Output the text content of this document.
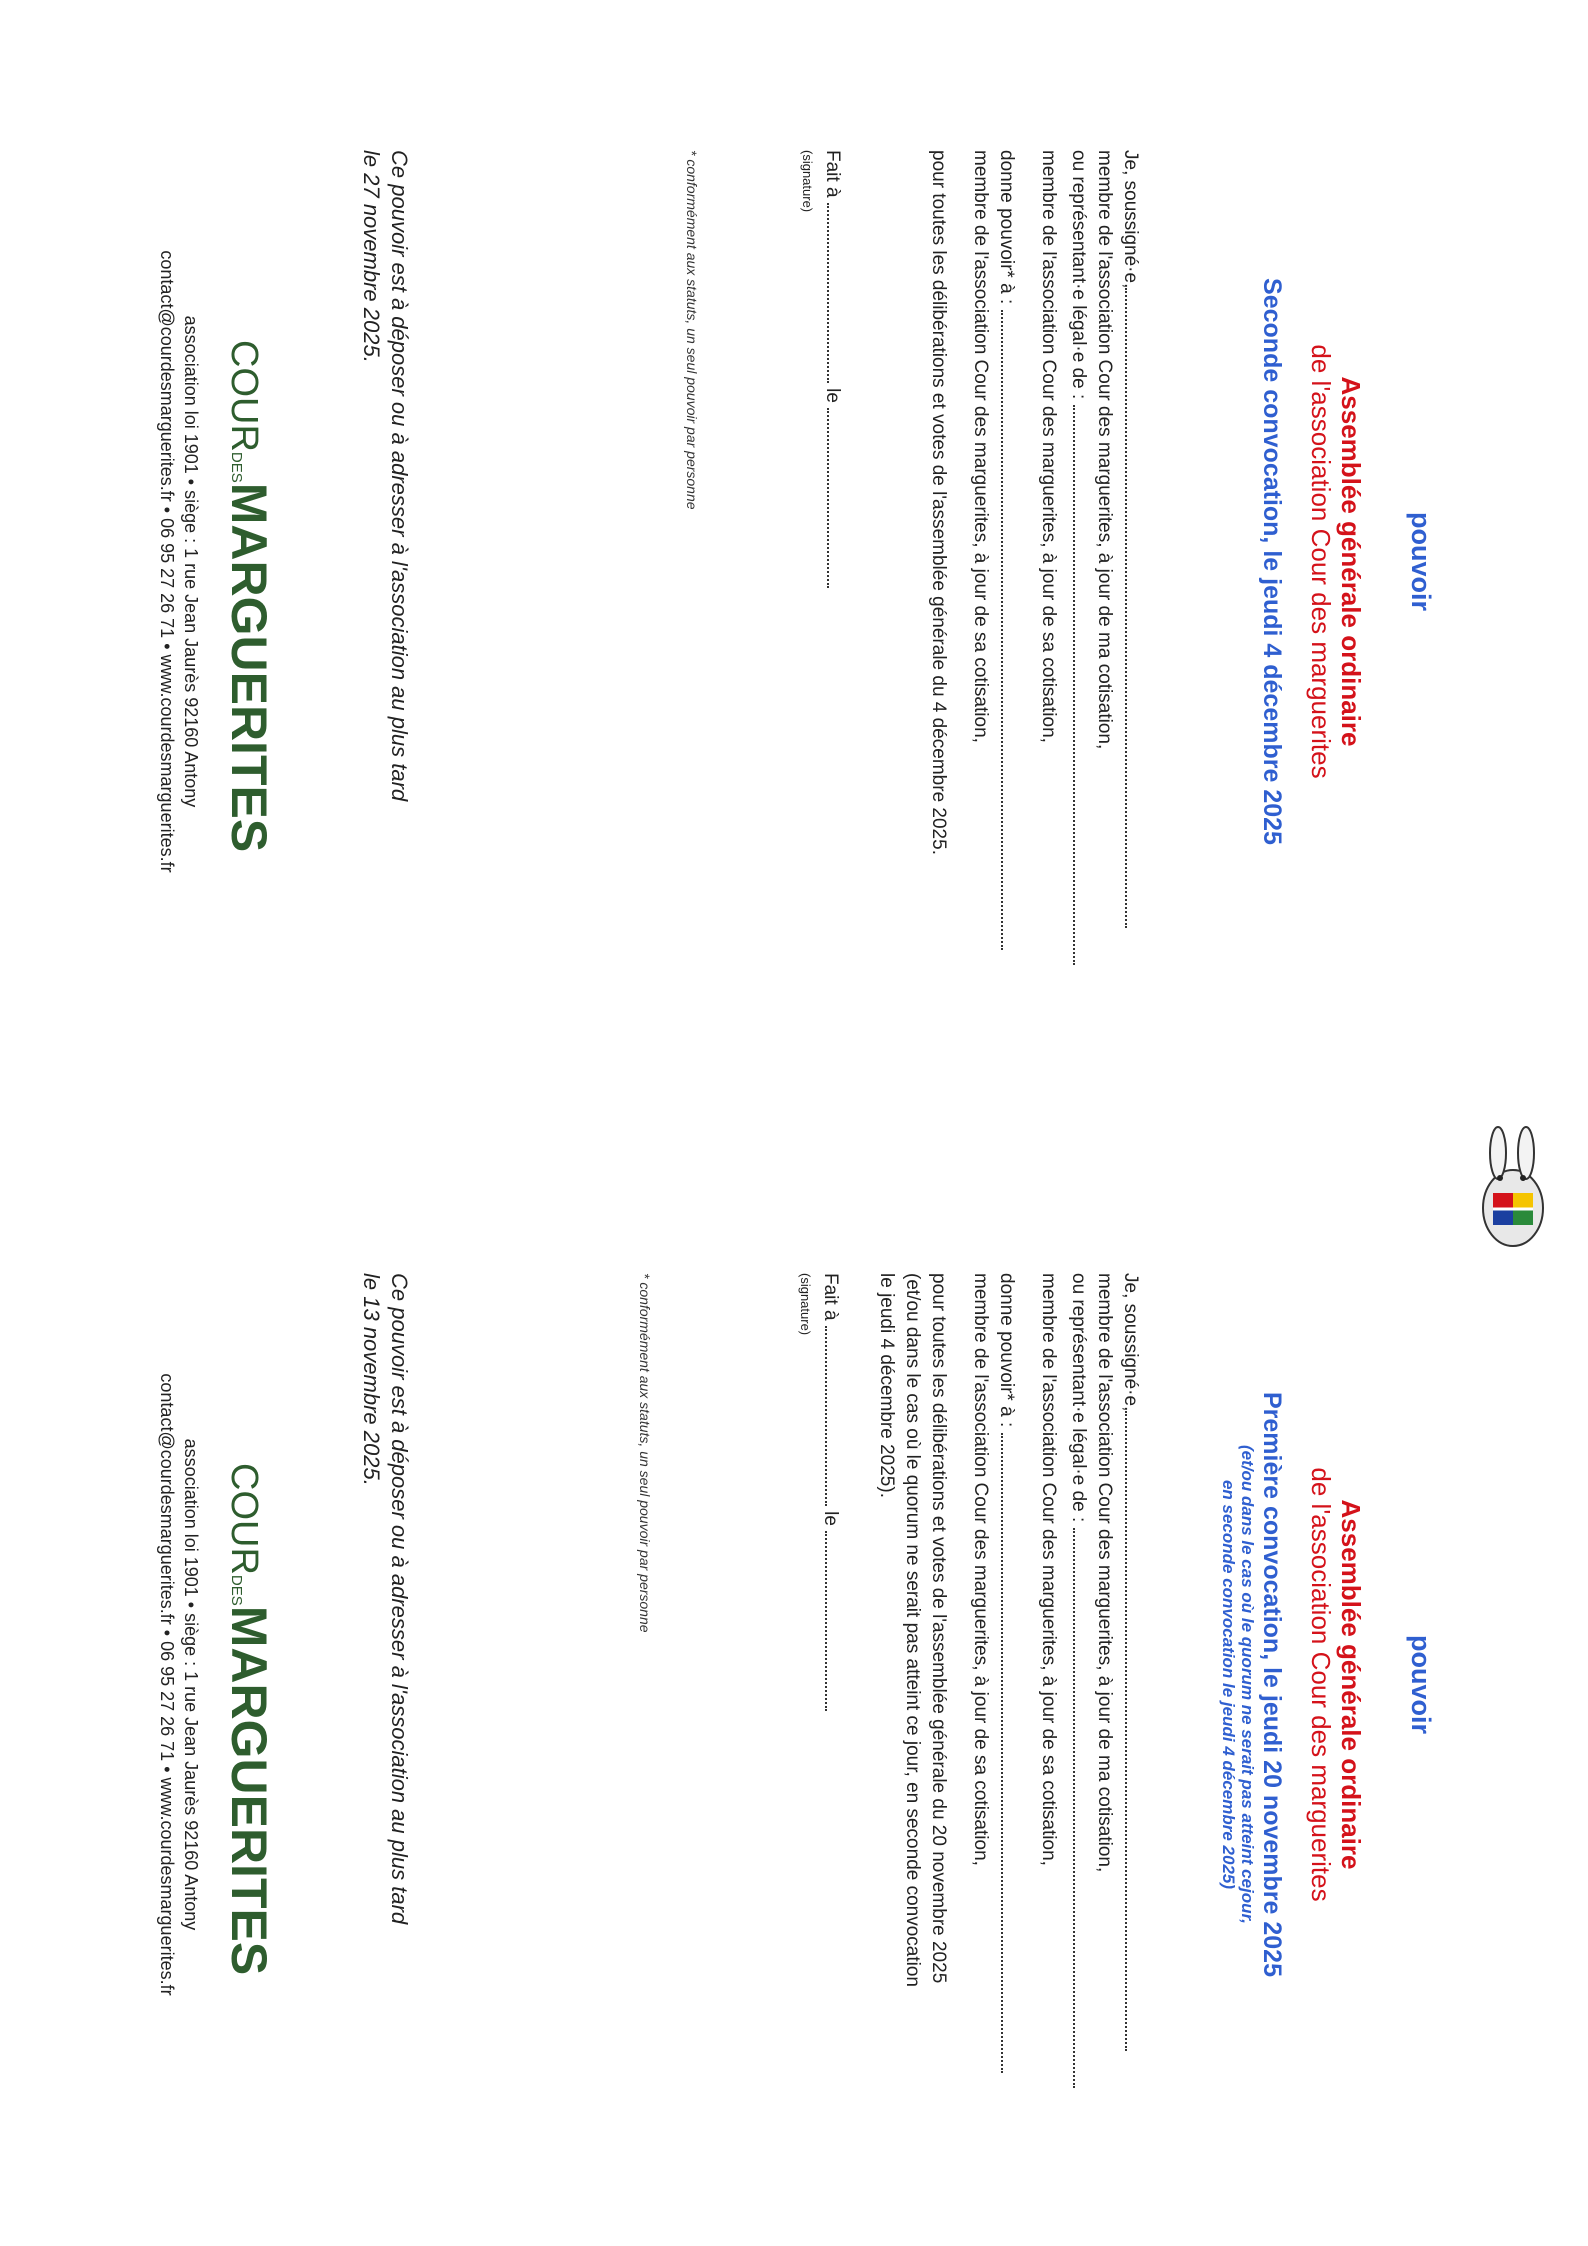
pouvoir
Assemblée générale ordinaire
de l'association Cour des marguerites
Seconde convocation, le jeudi 4 décembre 2025
Je, soussigné·e,
membre de l'association Cour des marguerites, à jour de ma cotisation,
ou représentant·e légal·e de :
membre de l'association Cour des marguerites, à jour de sa cotisation,
donne pouvoir* à :
membre de l'association Cour des marguerites, à jour de sa cotisation,
pour toutes les délibérations et votes de l'assemblée générale du 4 décembre 2025.
Fait à  le
(signature)
* conformément aux statuts, un seul pouvoir par personne
Ce pouvoir est à déposer ou à adresser à l'association au plus tard
le 27 novembre 2025.
COURDESMARGUERITES
association loi 1901 • siège : 1 rue Jean Jaurès 92160 Antony
contact@courdesmarguerites.fr • 06 95 27 26 71 • www.courdesmarguerites.fr
pouvoir
Assemblée générale ordinaire
de l'association Cour des marguerites
Première convocation, le jeudi 20 novembre 2025
(et/ou dans le cas où le quorum ne serait pas atteint cejour,
en seconde convocation le jeudi 4 décembre 2025)
Je, soussigné·e,
membre de l'association Cour des marguerites, à jour de ma cotisation,
ou représentant·e légal·e de :
membre de l'association Cour des marguerites, à jour de sa cotisation,
donne pouvoir* à :
membre de l'association Cour des marguerites, à jour de sa cotisation,
pour toutes les délibérations et votes de l'assemblée générale du 20 novembre 2025
(et/ou dans le cas où le quorum ne serait pas atteint ce jour, en seconde convocation
le jeudi 4 décembre 2025).
Fait à  le
(signature)
* conformément aux statuts, un seul pouvoir par personne
Ce pouvoir est à déposer ou à adresser à l'association au plus tard
le 13 novembre 2025.
COURDESMARGUERITES
association loi 1901 • siège : 1 rue Jean Jaurès 92160 Antony
contact@courdesmarguerites.fr • 06 95 27 26 71 • www.courdesmarguerites.fr
